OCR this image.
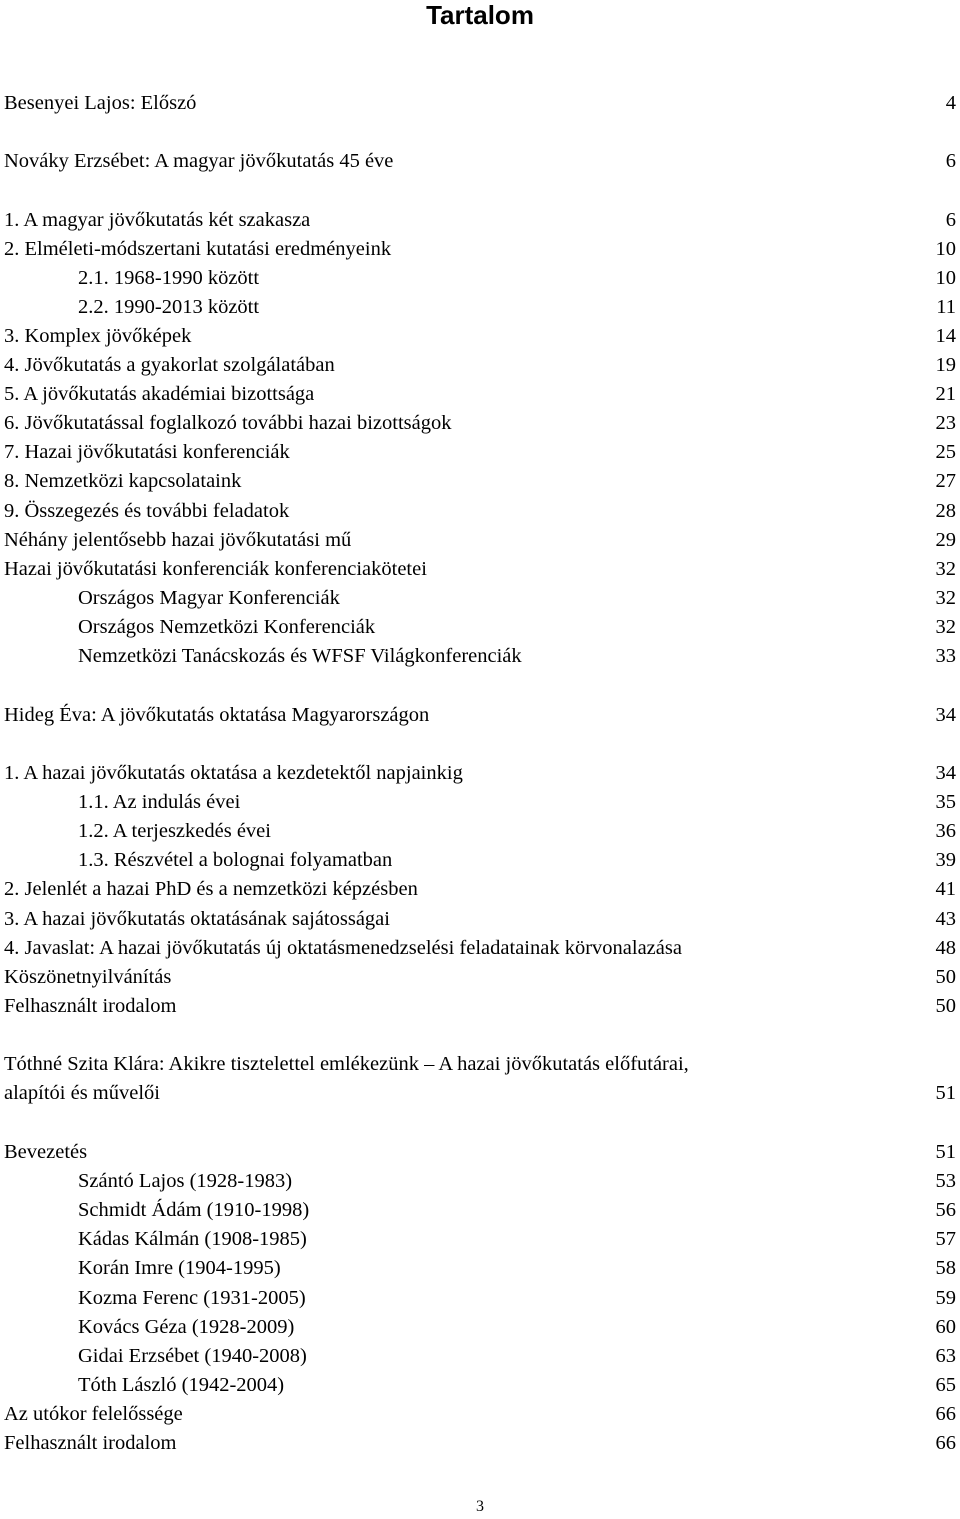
Tartalom
Besenyei Lajos: Előszó	4
Nováky Erzsébet: A magyar jövőkutatás 45 éve	6
1. A magyar jövőkutatás két szakasza	6
2. Elméleti-módszertani kutatási eredményeink	10
2.1. 1968-1990 között	10
2.2. 1990-2013 között	11
3. Komplex jövőképek	14
4. Jövőkutatás a gyakorlat szolgálatában	19
5. A jövőkutatás akadémiai bizottsága	21
6. Jövőkutatással foglalkozó további hazai bizottságok	23
7. Hazai jövőkutatási konferenciák	25
8. Nemzetközi kapcsolataink	27
9. Összegezés és további feladatok	28
Néhány jelentősebb hazai jövőkutatási mű	29
Hazai jövőkutatási konferenciák konferenciakötetei	32
Országos Magyar Konferenciák	32
Országos Nemzetközi Konferenciák	32
Nemzetközi Tanácskozás és WFSF Világkonferenciák	33
Hideg Éva: A jövőkutatás oktatása Magyarországon	34
1. A hazai jövőkutatás oktatása a kezdetektől napjainkig	34
1.1. Az indulás évei	35
1.2. A terjeszkedés évei	36
1.3. Részvétel a bolognai folyamatban	39
2. Jelenlét a hazai PhD és a nemzetközi képzésben	41
3. A hazai jövőkutatás oktatásának sajátosságai	43
4. Javaslat: A hazai jövőkutatás új oktatásmenedzselési feladatainak körvonalazása	48
Köszönetnyilvánítás	50
Felhasznált irodalom	50
Tóthné Szita Klára: Akikre tisztelettel emlékezünk – A hazai jövőkutatás előfutárai,
alapítói és művelői	51
Bevezetés	51
Szántó Lajos (1928-1983)	53
Schmidt Ádám (1910-1998)	56
Kádas Kálmán (1908-1985)	57
Korán Imre (1904-1995)	58
Kozma Ferenc (1931-2005)	59
Kovács Géza (1928-2009)	60
Gidai Erzsébet (1940-2008)	63
Tóth László (1942-2004)	65
Az utókor felelőssége	66
Felhasznált irodalom	66
3
